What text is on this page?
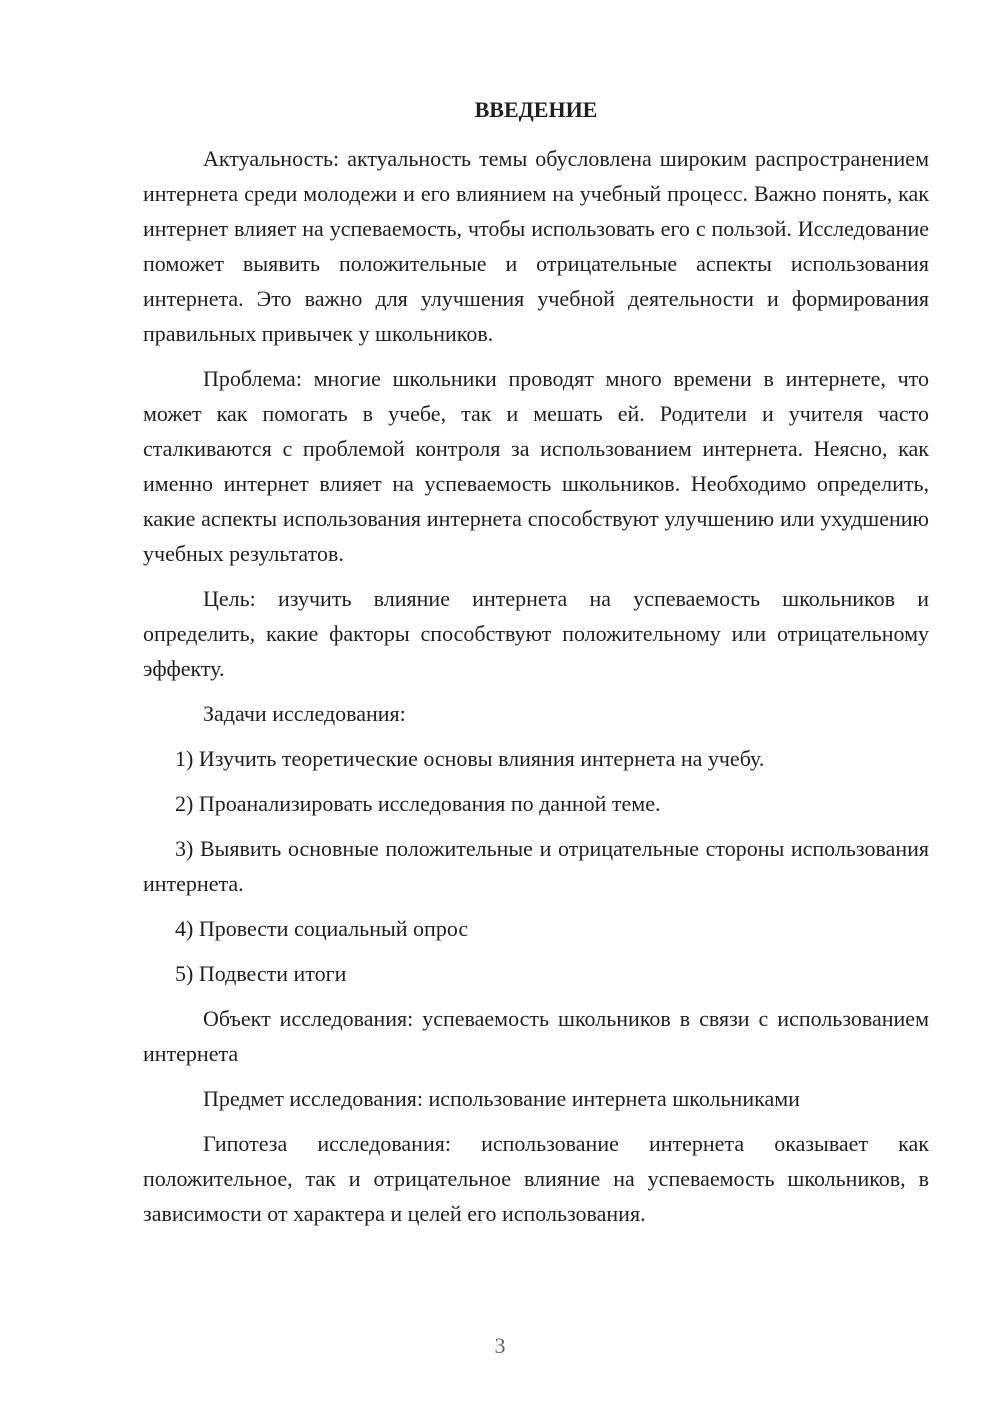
ВВЕДЕНИЕ

Актуальность: актуальность темы обусловлена широким распространением интернета среди молодежи и его влиянием на учебный процесс. Важно понять, как интернет влияет на успеваемость, чтобы использовать его с пользой. Исследование поможет выявить положительные и отрицательные аспекты использования интернета. Это важно для улучшения учебной деятельности и формирования правильных привычек у школьников.

Проблема: многие школьники проводят много времени в интернете, что может как помогать в учебе, так и мешать ей. Родители и учителя часто сталкиваются с проблемой контроля за использованием интернета. Неясно, как именно интернет влияет на успеваемость школьников. Необходимо определить, какие аспекты использования интернета способствуют улучшению или ухудшению учебных результатов.

Цель: изучить влияние интернета на успеваемость школьников и определить, какие факторы способствуют положительному или отрицательному эффекту.

Задачи исследования:

1) Изучить теоретические основы влияния интернета на учебу.

2) Проанализировать исследования по данной теме.

3) Выявить основные положительные и отрицательные стороны использования интернета.

4) Провести социальный опрос

5) Подвести итоги

Объект исследования: успеваемость школьников в связи с использованием интернета

Предмет исследования: использование интернета школьниками

Гипотеза исследования: использование интернета оказывает как положительное, так и отрицательное влияние на успеваемость школьников, в зависимости от характера и целей его использования.

3
